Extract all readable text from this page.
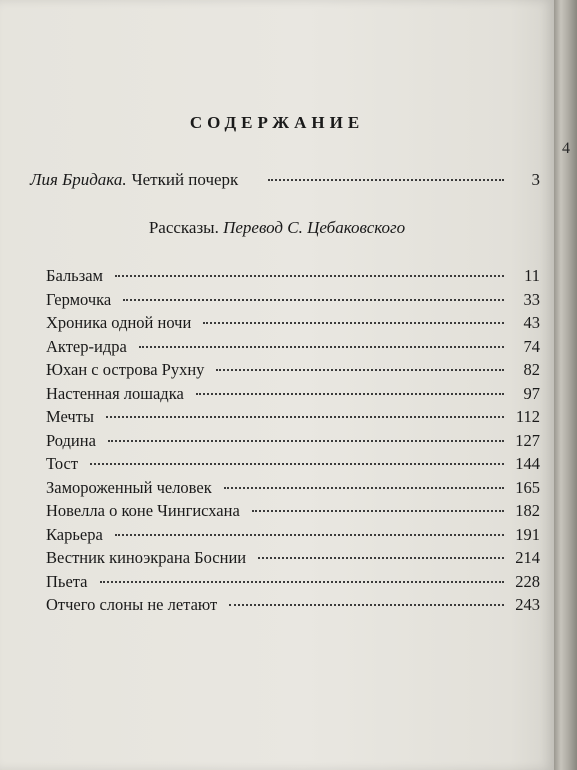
СОДЕРЖАНИЕ
Лия Бридака. Четкий почерк	3
Рассказы. Перевод С. Цебаковского
Бальзам	11
Гермочка	33
Хроника одной ночи	43
Актер-идра	74
Юхан с острова Рухну	82
Настенная лошадка	97
Мечты	112
Родина	127
Тост	144
Замороженный человек	165
Новелла о коне Чингисхана	182
Карьера	191
Вестник киноэкрана Боснии	214
Пьета	228
Отчего слоны не летают	243
4
